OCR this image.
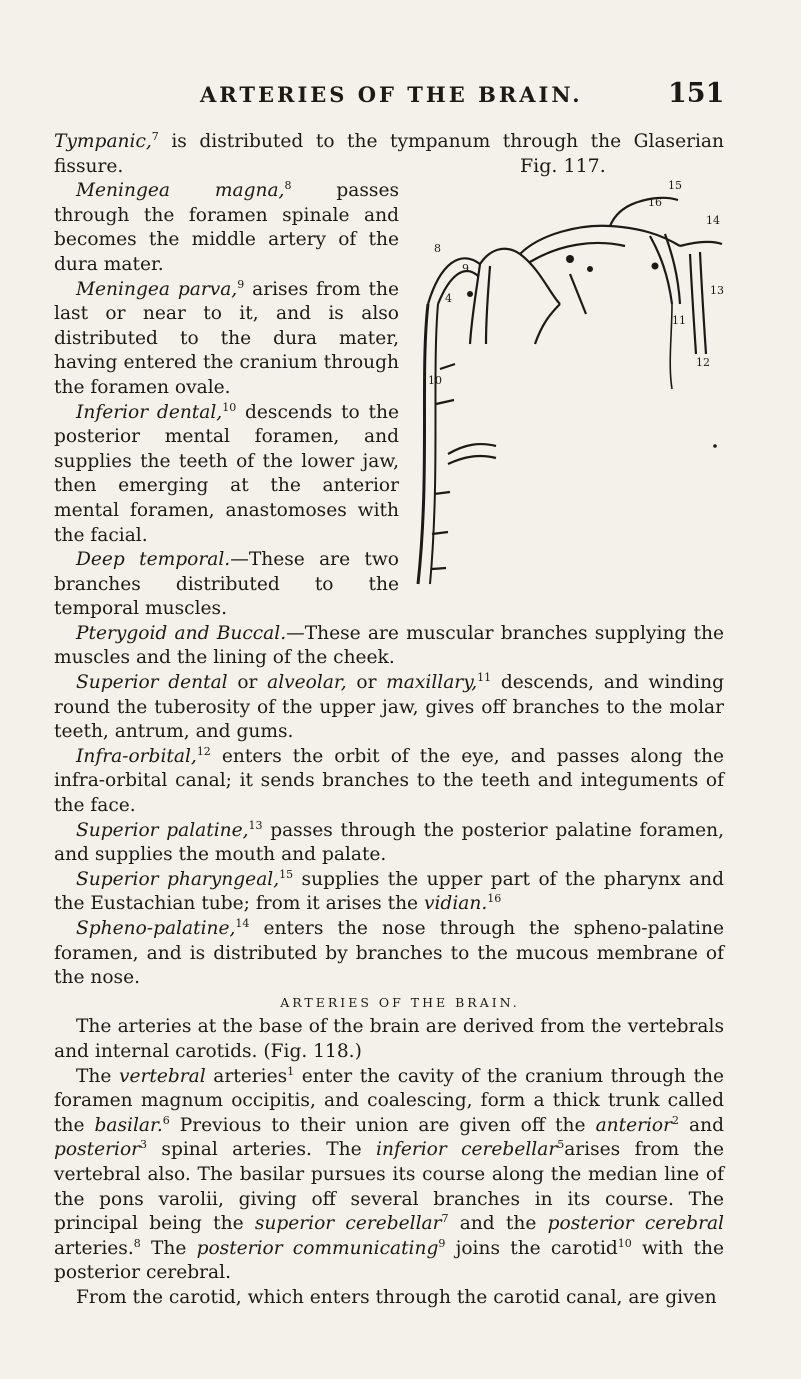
ARTERIES OF THE BRAIN.	151
Fig. 117.
15
16
8
9
14
4
10
13
11
12

Tympanic,$^7$ is distributed to the tympanum through the Glaserian fissure.

Meningea magna,$^8$ passes through the foramen spinale and becomes the middle artery of the dura mater.

Meningea parva,$^9$ arises from the last or near to it, and is also distributed to the dura mater, having entered the cranium through the foramen ovale.

Inferior dental,$^{10}$ descends to the posterior mental foramen, and supplies the teeth of the lower jaw, then emerging at the anterior mental foramen, anastomoses with the facial.

Deep temporal.—These are two branches distributed to the temporal muscles.

Pterygoid and Buccal.—These are muscular branches supplying the muscles and the lining of the cheek.

Superior dental or alveolar, or maxillary,$^{11}$ descends, and winding round the tuberosity of the upper jaw, gives off branches to the molar teeth, antrum, and gums.

Infra-orbital,$^{12}$ enters the orbit of the eye, and passes along the infra-orbital canal; it sends branches to the teeth and integuments of the face.

Superior palatine,$^{13}$ passes through the posterior palatine foramen, and supplies the mouth and palate.

Superior pharyngeal,$^{15}$ supplies the upper part of the pharynx and the Eustachian tube; from it arises the vidian.$^{16}$

Spheno-palatine,$^{14}$ enters the nose through the spheno-palatine foramen, and is distributed by branches to the mucous membrane of the nose.

ARTERIES OF THE BRAIN.

The arteries at the base of the brain are derived from the vertebrals and internal carotids. (Fig. 118.)

The vertebral arteries$^1$ enter the cavity of the cranium through the foramen magnum occipitis, and coalescing, form a thick trunk called the basilar.$^6$ Previous to their union are given off the anterior$^2$ and posterior$^3$ spinal arteries. The inferior cerebellar$^5$arises from the vertebral also. The basilar pursues its course along the median line of the pons varolii, giving off several branches in its course. The principal being the superior cerebellar$^7$ and the posterior cerebral arteries.$^8$ The posterior communicating$^9$ joins the carotid$^{10}$ with the posterior cerebral.

From the carotid, which enters through the carotid canal, are given
